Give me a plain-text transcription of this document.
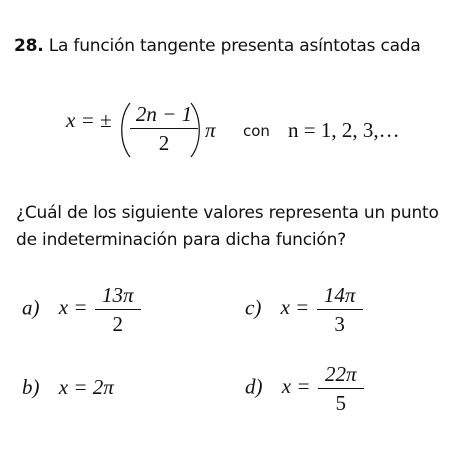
28. La función tangente presenta asíntotas cada
x = ± $\frac{2n - 1}{2}$ π con n = 1, 2, 3,…
¿Cuál de los siguiente valores representa un punto
de indeterminación para dicha función?
a) $x = \frac{13\pi}{2}$
b) x = 2π
c) $x = \frac{14\pi}{3}$
d) $x = \frac{22\pi}{5}$
